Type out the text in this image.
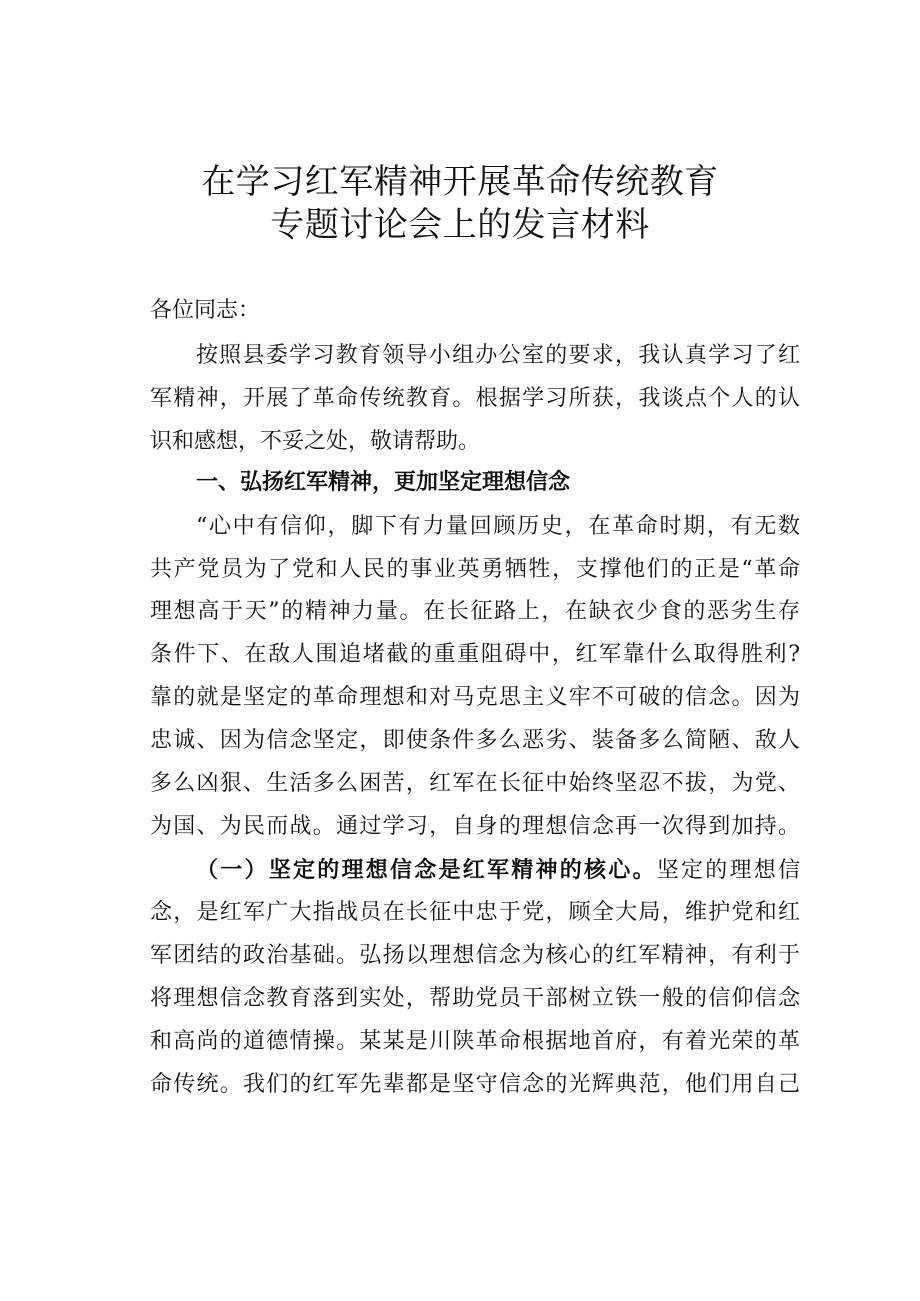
在学习红军精神开展革命传统教育
专题讨论会上的发言材料
各位同志：
按照县委学习教育领导小组办公室的要求，我认真学习了红
军精神，开展了革命传统教育。根据学习所获，我谈点个人的认
识和感想，不妥之处，敬请帮助。
一、弘扬红军精神，更加坚定理想信念
“心中有信仰，脚下有力量回顾历史，在革命时期，有无数
共产党员为了党和人民的事业英勇牺牲，支撑他们的正是“革命
理想高于天”的精神力量。在长征路上，在缺衣少食的恶劣生存
条件下、在敌人围追堵截的重重阻碍中，红军靠什么取得胜利?
靠的就是坚定的革命理想和对马克思主义牢不可破的信念。因为
忠诚、因为信念坚定，即使条件多么恶劣、装备多么简陋、敌人
多么凶狠、生活多么困苦，红军在长征中始终坚忍不拔，为党、
为国、为民而战。通过学习，自身的理想信念再一次得到加持。
（一）坚定的理想信念是红军精神的核心。坚定的理想信
念，是红军广大指战员在长征中忠于党，顾全大局，维护党和红
军团结的政治基础。弘扬以理想信念为核心的红军精神，有利于
将理想信念教育落到实处，帮助党员干部树立铁一般的信仰信念
和高尚的道德情操。某某是川陕革命根据地首府，有着光荣的革
命传统。我们的红军先辈都是坚守信念的光辉典范，他们用自己
